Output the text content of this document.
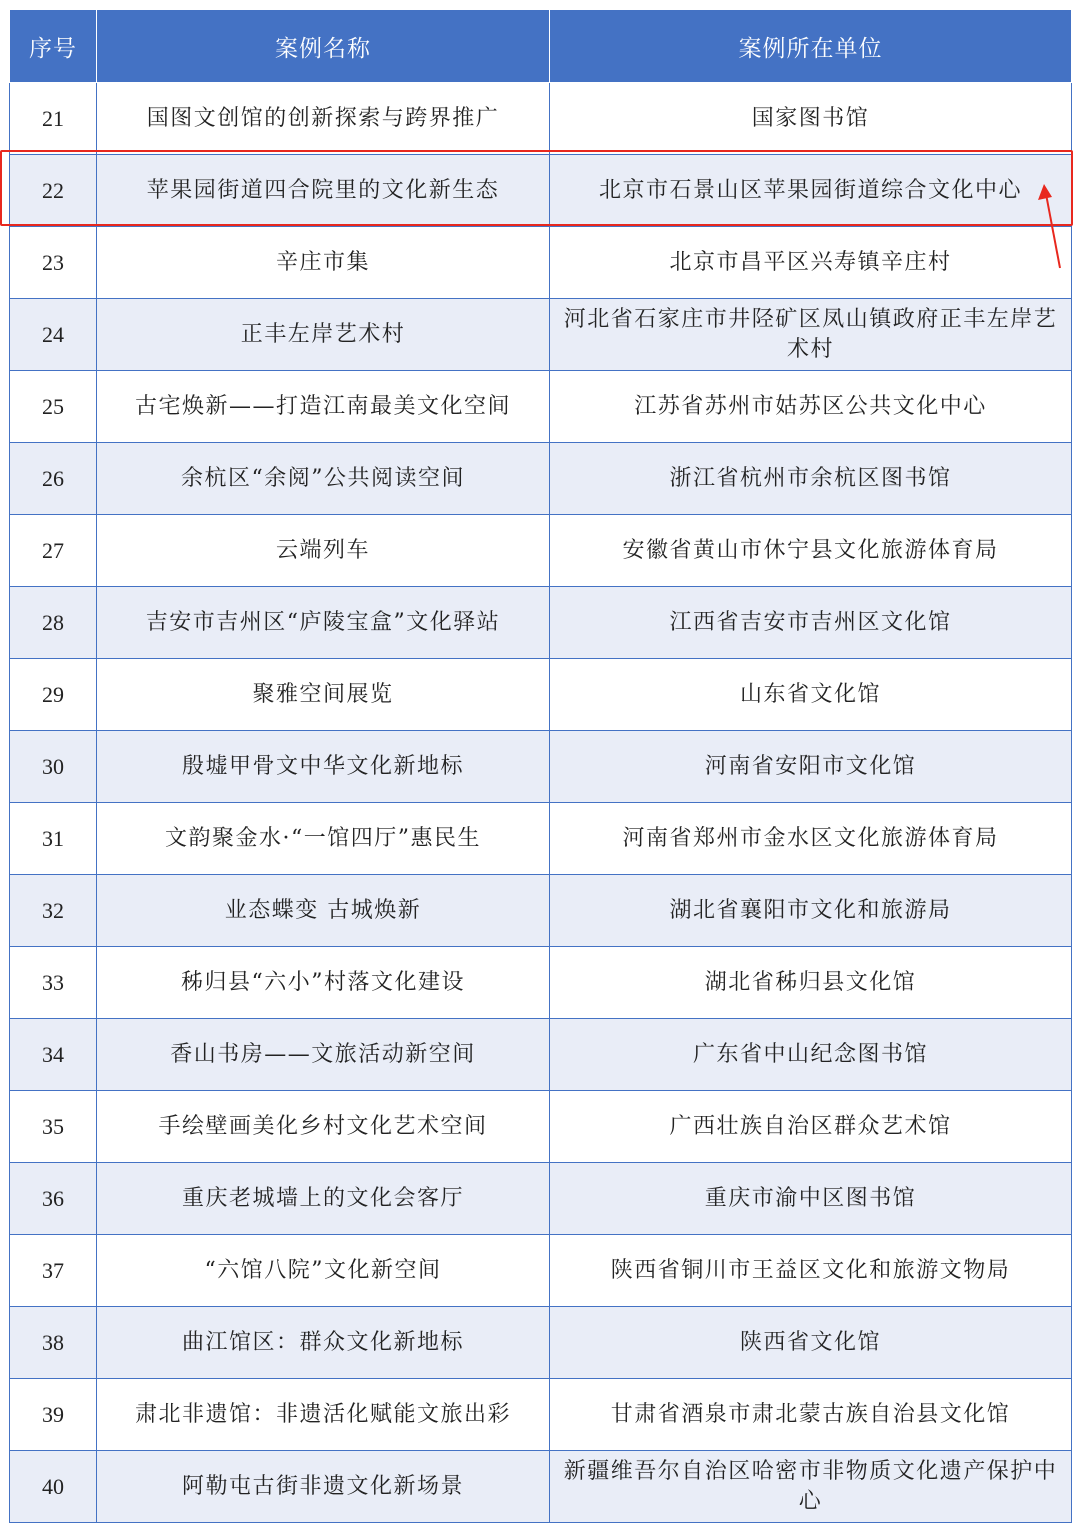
序号	案例名称	案例所在单位
21	国图文创馆的创新探索与跨界推广	国家图书馆
22	苹果园街道四合院里的文化新生态	北京市石景山区苹果园街道综合文化中心
23	辛庄市集	北京市昌平区兴寿镇辛庄村
24	正丰左岸艺术村	河北省石家庄市井陉矿区凤山镇政府正丰左岸艺术村
25	古宅焕新——打造江南最美文化空间	江苏省苏州市姑苏区公共文化中心
26	余杭区“余阅”公共阅读空间	浙江省杭州市余杭区图书馆
27	云端列车	安徽省黄山市休宁县文化旅游体育局
28	吉安市吉州区“庐陵宝盒”文化驿站	江西省吉安市吉州区文化馆
29	聚雅空间展览	山东省文化馆
30	殷墟甲骨文中华文化新地标	河南省安阳市文化馆
31	文韵聚金水·“一馆四厅”惠民生	河南省郑州市金水区文化旅游体育局
32	业态蝶变 古城焕新	湖北省襄阳市文化和旅游局
33	秭归县“六小”村落文化建设	湖北省秭归县文化馆
34	香山书房——文旅活动新空间	广东省中山纪念图书馆
35	手绘壁画美化乡村文化艺术空间	广西壮族自治区群众艺术馆
36	重庆老城墙上的文化会客厅	重庆市渝中区图书馆
37	“六馆八院”文化新空间	陕西省铜川市王益区文化和旅游文物局
38	曲江馆区：群众文化新地标	陕西省文化馆
39	肃北非遗馆：非遗活化赋能文旅出彩	甘肃省酒泉市肃北蒙古族自治县文化馆
40	阿勒屯古街非遗文化新场景	新疆维吾尔自治区哈密市非物质文化遗产保护中心
